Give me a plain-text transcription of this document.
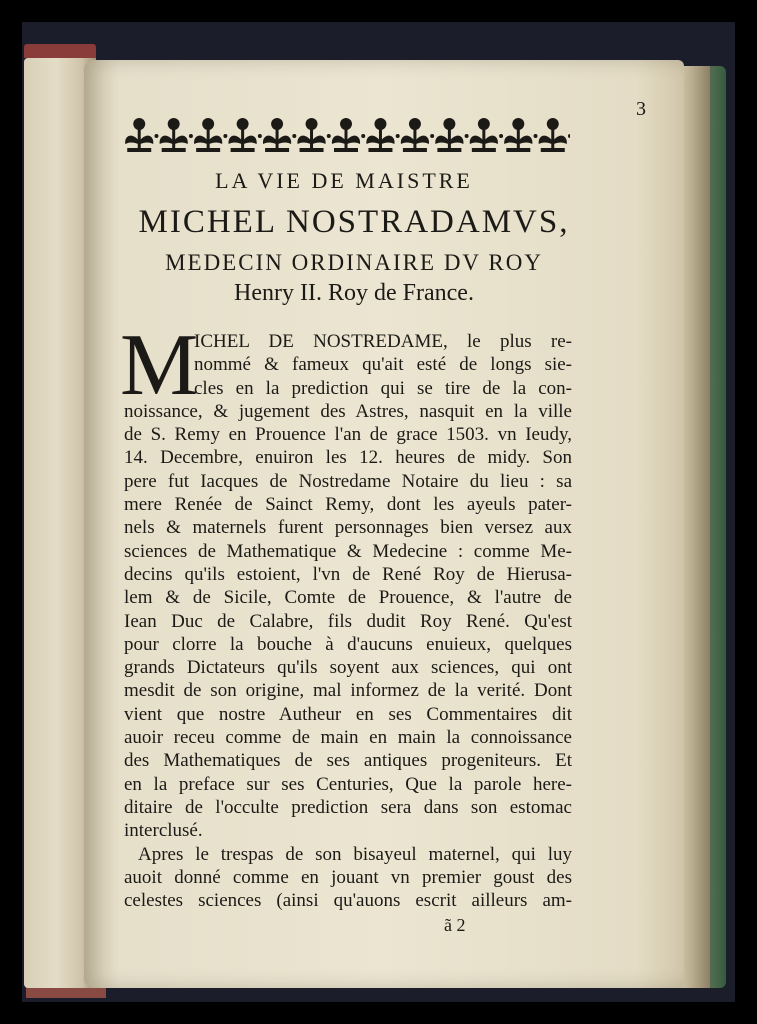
3
LA VIE DE MAISTRE
MICHEL NOSTRADAMVS,
MEDECIN ORDINAIRE DV ROY
Henry II. Roy de France.
M
ICHEL DE NOSTREDAME, le plus re-
nommé & fameux qu'ait esté de longs sie-
cles en la prediction qui se tire de la con-
noissance, & jugement des Astres, nasquit en la ville
de S. Remy en Prouence l'an de grace 1503. vn Ieudy,
14. Decembre, enuiron les 12. heures de midy. Son
pere fut Iacques de Nostredame Notaire du lieu : sa
mere Renée de Sainct Remy, dont les ayeuls pater-
nels & maternels furent personnages bien versez aux
sciences de Mathematique & Medecine : comme Me-
decins qu'ils estoient, l'vn de René Roy de Hierusa-
lem & de Sicile, Comte de Prouence, & l'autre de
Iean Duc de Calabre, fils dudit Roy René. Qu'est
pour clorre la bouche à d'aucuns enuieux, quelques
grands Dictateurs qu'ils soyent aux sciences, qui ont
mesdit de son origine, mal informez de la verité. Dont
vient que nostre Autheur en ses Commentaires dit
auoir receu comme de main en main la connoissance
des Mathematiques de ses antiques progeniteurs. Et
en la preface sur ses Centuries, Que la parole here-
ditaire de l'occulte prediction sera dans son estomac
interclusé.
Apres le trespas de son bisayeul maternel, qui luy
auoit donné comme en jouant vn premier goust des
celestes sciences (ainsi qu'auons escrit ailleurs am-
ã 2
